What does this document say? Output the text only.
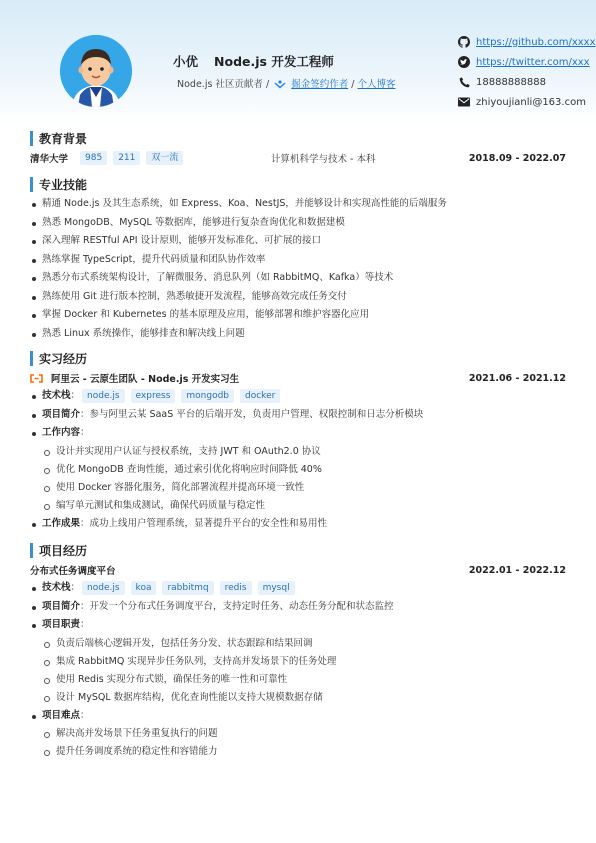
小优 Node.js 开发工程师
Node.js 社区贡献者 / 掘金签约作者 / 个人博客
https://github.com/xxxx
https://twitter.com/xxx
18888888888
zhiyoujianli@163.com
教育背景
清华大学	985	211	双一流	计算机科学与技术 - 本科	2018.09 - 2022.07
专业技能
精通 Node.js 及其生态系统，如 Express、Koa、NestJS，并能够设计和实现高性能的后端服务
熟悉 MongoDB、MySQL 等数据库，能够进行复杂查询优化和数据建模
深入理解 RESTful API 设计原则，能够开发标准化、可扩展的接口
熟练掌握 TypeScript，提升代码质量和团队协作效率
熟悉分布式系统架构设计，了解微服务、消息队列（如 RabbitMQ、Kafka）等技术
熟练使用 Git 进行版本控制，熟悉敏捷开发流程，能够高效完成任务交付
掌握 Docker 和 Kubernetes 的基本原理及应用，能够部署和维护容器化应用
熟悉 Linux 系统操作，能够排查和解决线上问题
实习经历
阿里云 - 云原生团队 - Node.js 开发实习生	2021.06 - 2021.12
技术栈 ： node.js	express	mongodb	docker
项目简介：参与阿里云某 SaaS 平台的后端开发，负责用户管理、权限控制和日志分析模块
工作内容：
设计并实现用户认证与授权系统，支持 JWT 和 OAuth2.0 协议
优化 MongoDB 查询性能，通过索引优化将响应时间降低 40%
使用 Docker 容器化服务，简化部署流程并提高环境一致性
编写单元测试和集成测试，确保代码质量与稳定性
工作成果：成功上线用户管理系统，显著提升平台的安全性和易用性
项目经历
分布式任务调度平台	2022.01 - 2022.12
技术栈 ： node.js	koa	rabbitmq	redis	mysql
项目简介：开发一个分布式任务调度平台，支持定时任务、动态任务分配和状态监控
项目职责：
负责后端核心逻辑开发，包括任务分发、状态跟踪和结果回调
集成 RabbitMQ 实现异步任务队列，支持高并发场景下的任务处理
使用 Redis 实现分布式锁，确保任务的唯一性和可靠性
设计 MySQL 数据库结构，优化查询性能以支持大规模数据存储
项目难点：
解决高并发场景下任务重复执行的问题
提升任务调度系统的稳定性和容错能力
